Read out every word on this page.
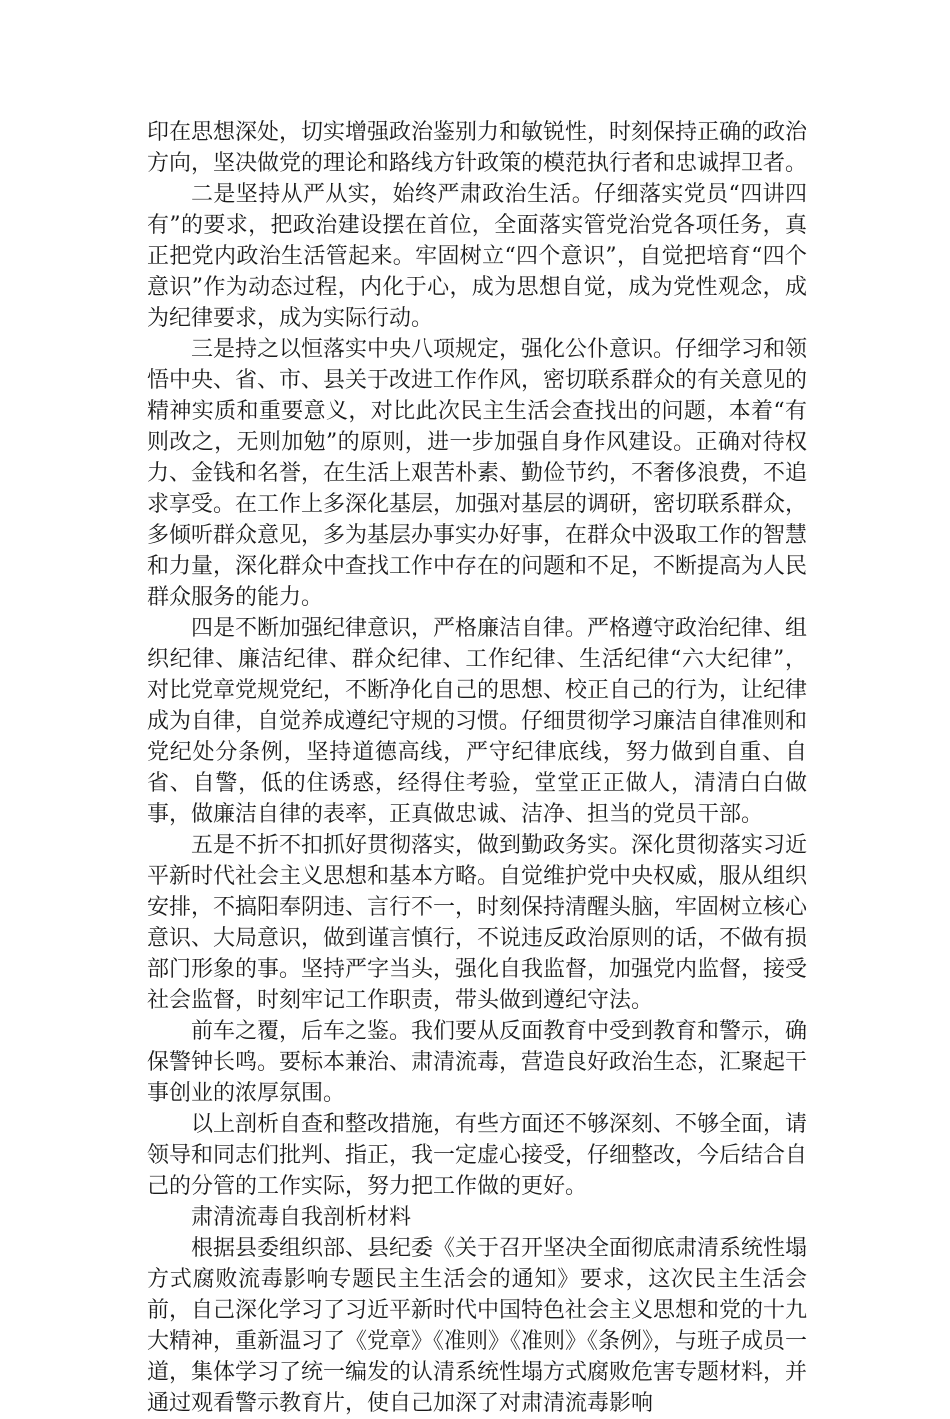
印在思想深处，切实增强政治鉴别力和敏锐性，时刻保持正确的政治方向，坚决做党的理论和路线方针政策的模范执行者和忠诚捍卫者。

二是坚持从严从实，始终严肃政治生活。仔细落实党员“四讲四有”的要求，把政治建设摆在首位，全面落实管党治党各项任务，真正把党内政治生活管起来。牢固树立“四个意识”，自觉把培育“四个意识”作为动态过程，内化于心，成为思想自觉，成为党性观念，成为纪律要求，成为实际行动。

三是持之以恒落实中央八项规定，强化公仆意识。仔细学习和领悟中央、省、市、县关于改进工作作风，密切联系群众的有关意见的精神实质和重要意义，对比此次民主生活会查找出的问题，本着“有则改之，无则加勉”的原则，进一步加强自身作风建设。正确对待权力、金钱和名誉，在生活上艰苦朴素、勤俭节约，不奢侈浪费，不追求享受。在工作上多深化基层，加强对基层的调研，密切联系群众，多倾听群众意见，多为基层办事实办好事，在群众中汲取工作的智慧和力量，深化群众中查找工作中存在的问题和不足，不断提高为人民群众服务的能力。

四是不断加强纪律意识，严格廉洁自律。严格遵守政治纪律、组织纪律、廉洁纪律、群众纪律、工作纪律、生活纪律“六大纪律”，对比党章党规党纪，不断净化自己的思想、校正自己的行为，让纪律成为自律，自觉养成遵纪守规的习惯。仔细贯彻学习廉洁自律准则和党纪处分条例，坚持道德高线，严守纪律底线，努力做到自重、自省、自警，低的住诱惑，经得住考验，堂堂正正做人，清清白白做事，做廉洁自律的表率，正真做忠诚、洁净、担当的党员干部。

五是不折不扣抓好贯彻落实，做到勤政务实。深化贯彻落实习近平新时代社会主义思想和基本方略。自觉维护党中央权威，服从组织安排，不搞阳奉阴违、言行不一，时刻保持清醒头脑，牢固树立核心意识、大局意识，做到谨言慎行，不说违反政治原则的话，不做有损部门形象的事。坚持严字当头，强化自我监督，加强党内监督，接受社会监督，时刻牢记工作职责，带头做到遵纪守法。

前车之覆，后车之鉴。我们要从反面教育中受到教育和警示，确保警钟长鸣。要标本兼治、肃清流毒，营造良好政治生态，汇聚起干事创业的浓厚氛围。

以上剖析自查和整改措施，有些方面还不够深刻、不够全面，请领导和同志们批判、指正，我一定虚心接受，仔细整改，今后结合自己的分管的工作实际，努力把工作做的更好。

肃清流毒自我剖析材料

根据县委组织部、县纪委《关于召开坚决全面彻底肃清系统性塌方式腐败流毒影响专题民主生活会的通知》要求，这次民主生活会前，自己深化学习了习近平新时代中国特色社会主义思想和党的十九大精神，重新温习了《党章》《准则》《准则》《条例》，与班子成员一道，集体学习了统一编发的认清系统性塌方式腐败危害专题材料，并通过观看警示教育片，使自己加深了对肃清流毒影响
